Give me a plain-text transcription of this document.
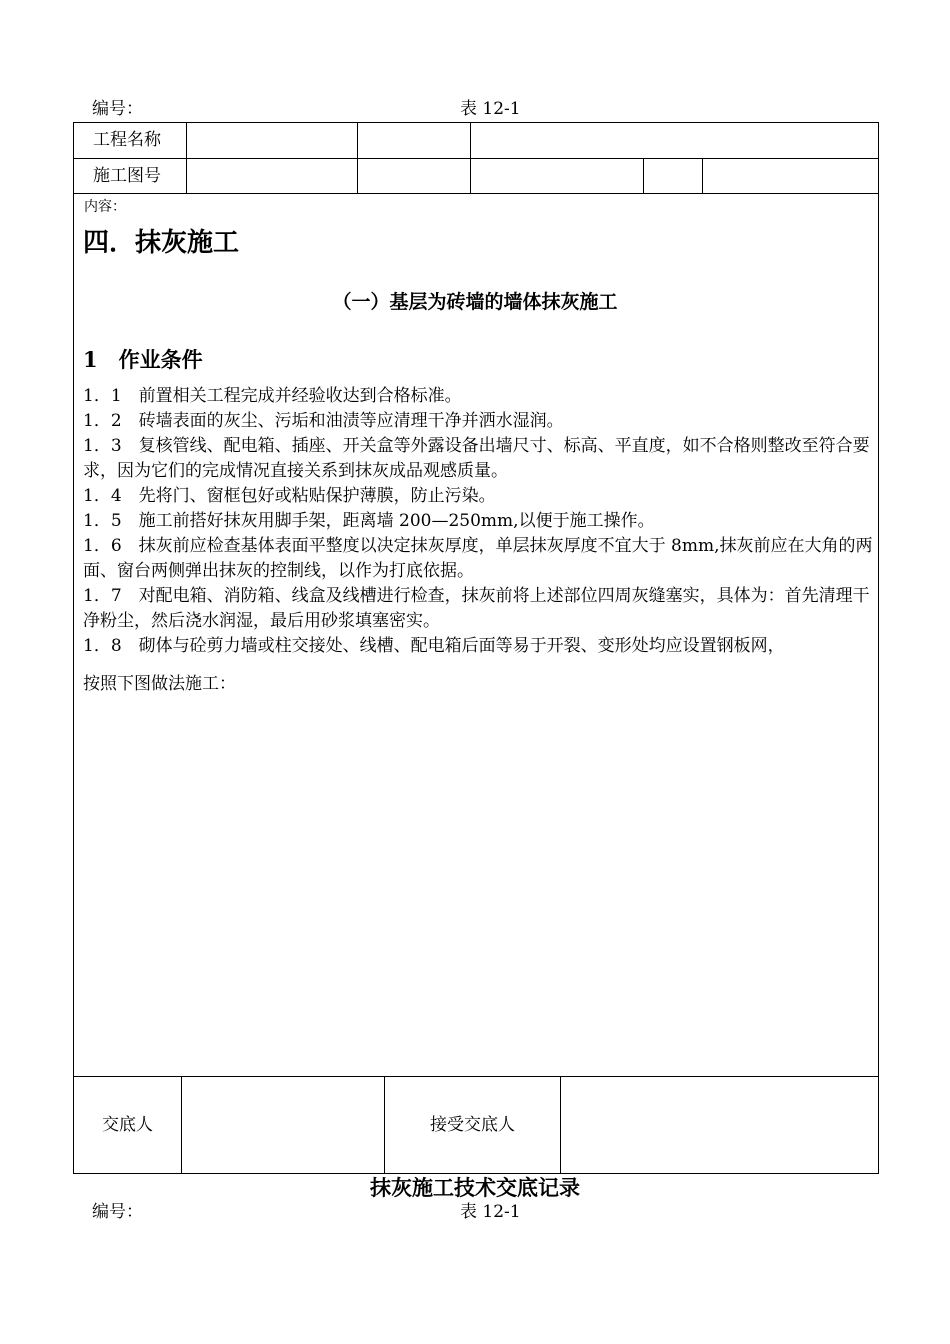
编号：	表 12-1
工程名称
施工图号
内容：
四．抹灰施工
（一）基层为砖墙的墙体抹灰施工
1　作业条件

1．1　前置相关工程完成并经验收达到合格标准。

1．2　砖墙表面的灰尘、污垢和油渍等应清理干净并洒水湿润。

1．3　复核管线、配电箱、插座、开关盒等外露设备出墙尺寸、标高、平直度，如不合格则整改至符合要求，因为它们的完成情况直接关系到抹灰成品观感质量。

1．4　先将门、窗框包好或粘贴保护薄膜，防止污染。

1．5　施工前搭好抹灰用脚手架，距离墙 200—250mm,以便于施工操作。

1．6　抹灰前应检查基体表面平整度以决定抹灰厚度，单层抹灰厚度不宜大于 8mm,抹灰前应在大角的两面、窗台两侧弹出抹灰的控制线，以作为打底依据。

1．7　对配电箱、消防箱、线盒及线槽进行检查，抹灰前将上述部位四周灰缝塞实，具体为：首先清理干净粉尘，然后浇水润湿，最后用砂浆填塞密实。

1．8　砌体与砼剪力墙或柱交接处、线槽、配电箱后面等易于开裂、变形处均应设置钢板网，

按照下图做法施工：
交底人	接受交底人
抹灰施工技术交底记录
编号：	表 12-1
